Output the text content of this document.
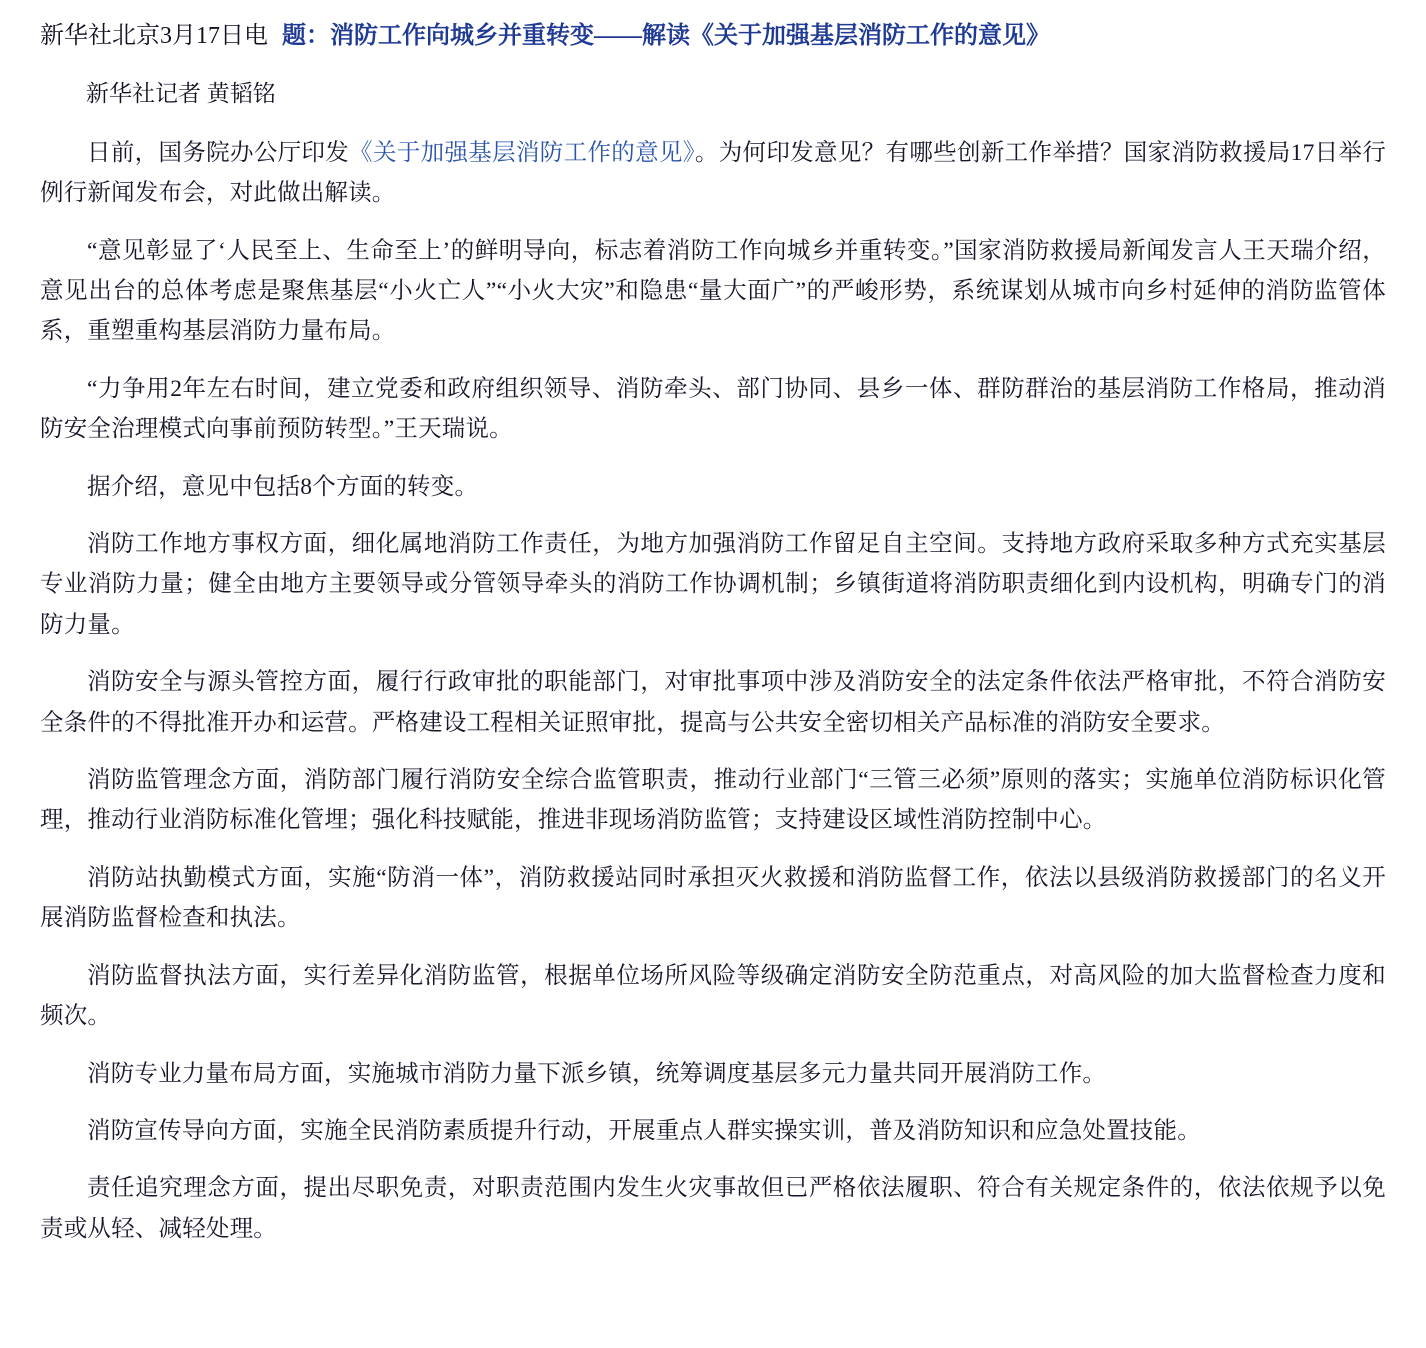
新华社北京3月17日电 题：消防工作向城乡并重转变——解读《关于加强基层消防工作的意见》
新华社记者 黄韬铭

日前，国务院办公厅印发《关于加强基层消防工作的意见》。为何印发意见？有哪些创新工作举措？国家消防救援局17日举行例行新闻发布会，对此做出解读。

“意见彰显了‘人民至上、生命至上’的鲜明导向，标志着消防工作向城乡并重转变。”国家消防救援局新闻发言人王天瑞介绍，意见出台的总体考虑是聚焦基层“小火亡人”“小火大灾”和隐患“量大面广”的严峻形势，系统谋划从城市向乡村延伸的消防监管体系，重塑重构基层消防力量布局。

“力争用2年左右时间，建立党委和政府组织领导、消防牵头、部门协同、县乡一体、群防群治的基层消防工作格局，推动消防安全治理模式向事前预防转型。”王天瑞说。

据介绍，意见中包括8个方面的转变。

消防工作地方事权方面，细化属地消防工作责任，为地方加强消防工作留足自主空间。支持地方政府采取多种方式充实基层专业消防力量；健全由地方主要领导或分管领导牵头的消防工作协调机制；乡镇街道将消防职责细化到内设机构，明确专门的消防力量。

消防安全与源头管控方面，履行行政审批的职能部门，对审批事项中涉及消防安全的法定条件依法严格审批，不符合消防安全条件的不得批准开办和运营。严格建设工程相关证照审批，提高与公共安全密切相关产品标准的消防安全要求。

消防监管理念方面，消防部门履行消防安全综合监管职责，推动行业部门“三管三必须”原则的落实；实施单位消防标识化管理，推动行业消防标准化管埋；强化科技赋能，推进非现场消防监管；支持建设区域性消防控制中心。

消防站执勤模式方面，实施“防消一体”，消防救援站同时承担灭火救援和消防监督工作，依法以县级消防救援部门的名义开展消防监督检查和执法。

消防监督执法方面，实行差异化消防监管，根据单位场所风险等级确定消防安全防范重点，对高风险的加大监督检查力度和频次。

消防专业力量布局方面，实施城市消防力量下派乡镇，统筹调度基层多元力量共同开展消防工作。

消防宣传导向方面，实施全民消防素质提升行动，开展重点人群实操实训，普及消防知识和应急处置技能。

责任追究理念方面，提出尽职免责，对职责范围内发生火灾事故但已严格依法履职、符合有关规定条件的，依法依规予以免责或从轻、减轻处理。
